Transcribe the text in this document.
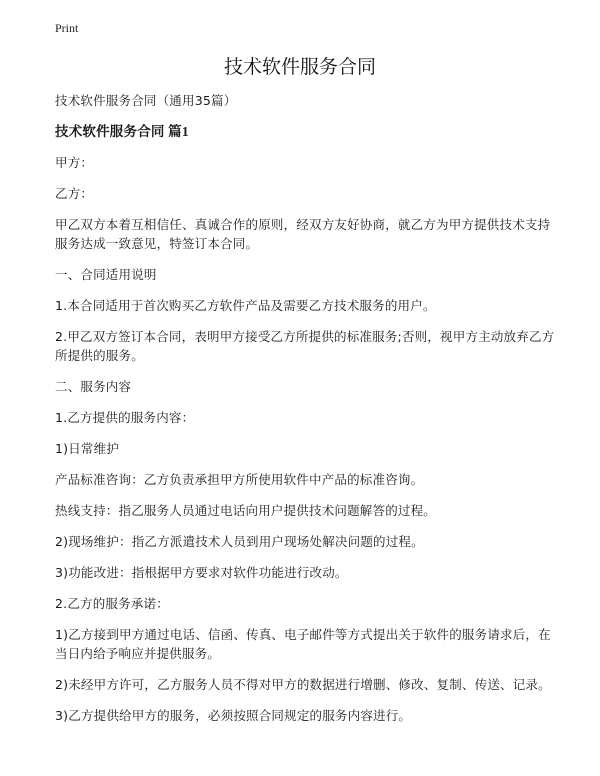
Print
技术软件服务合同

技术软件服务合同（通用35篇）

技术软件服务合同 篇1

甲方：

乙方：

甲乙双方本着互相信任、真诚合作的原则，经双方友好协商，就乙方为甲方提供技术支持服务达成一致意见，特签订本合同。

一、合同适用说明

1.本合同适用于首次购买乙方软件产品及需要乙方技术服务的用户。

2.甲乙双方签订本合同，表明甲方接受乙方所提供的标准服务;否则，视甲方主动放弃乙方所提供的服务。

二、服务内容

1.乙方提供的服务内容：

1)日常维护

产品标准咨询：乙方负责承担甲方所使用软件中产品的标准咨询。

热线支持：指乙服务人员通过电话向用户提供技术问题解答的过程。

2)现场维护：指乙方派遣技术人员到用户现场处解决问题的过程。

3)功能改进：指根据甲方要求对软件功能进行改动。

2.乙方的服务承诺：

1)乙方接到甲方通过电话、信函、传真、电子邮件等方式提出关于软件的服务请求后，在当日内给予响应并提供服务。

2)未经甲方许可，乙方服务人员不得对甲方的数据进行增删、修改、复制、传送、记录。

3)乙方提供给甲方的服务，必须按照合同规定的服务内容进行。
